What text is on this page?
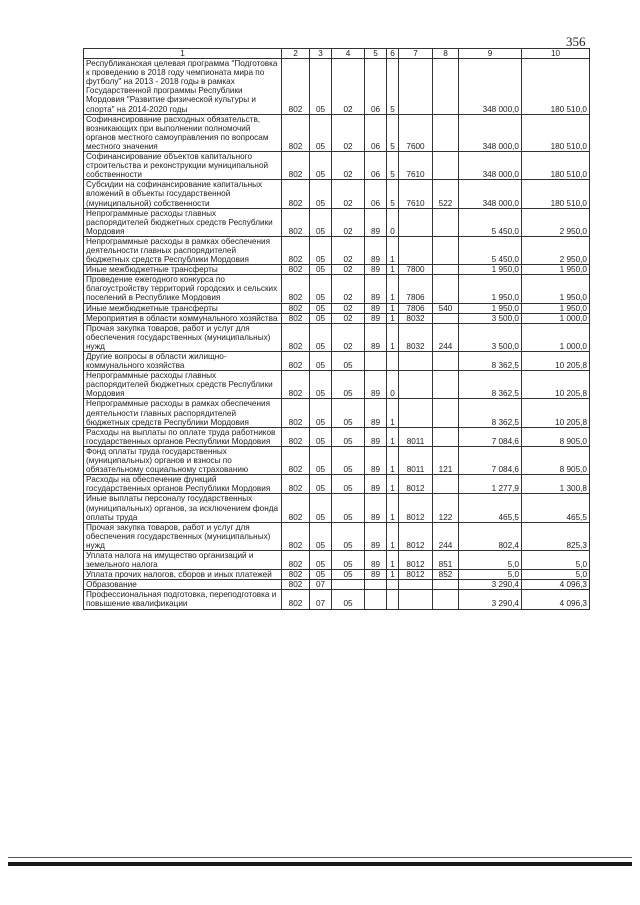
356
1	2	3	4	5	6	7	8	9	10
Республиканская целевая программа "Подготовка к проведению в 2018 году чемпионата мира по футболу" на 2013 - 2018 годы в рамках Государственной программы Республики Мордовия "Развитие физической культуры и спорта" на 2014-2020 годы	802	05	02	06	5			348 000,0	180 510,0
Софинансирование расходных обязательств, возникающих при выполнении полномочий органов местного самоуправления по вопросам местного значения	802	05	02	06	5	7600		348 000,0	180 510,0
Софинансирование объектов капитального строительства и реконструкции муниципальной собственности	802	05	02	06	5	7610		348 000,0	180 510,0
Субсидии на софинансирование капитальных вложений в объекты государственной (муниципальной) собственности	802	05	02	06	5	7610	522	348 000,0	180 510,0
Непрограммные расходы главных распорядителей бюджетных средств Республики Мордовия	802	05	02	89	0			5 450,0	2 950,0
Непрограммные расходы в рамках обеспечения деятельности главных распорядителей бюджетных средств Республики Мордовия	802	05	02	89	1			5 450,0	2 950,0
Иные межбюджетные трансферты	802	05	02	89	1	7800		1 950,0	1 950,0
Проведение ежегодного конкурса по благоустройству территорий городских и сельских поселений в Республике Мордовия	802	05	02	89	1	7806		1 950,0	1 950,0
Иные межбюджетные трансферты	802	05	02	89	1	7806	540	1 950,0	1 950,0
Мероприятия в области коммунального хозяйства	802	05	02	89	1	8032		3 500,0	1 000,0
Прочая закупка товаров, работ и услуг для обеспечения государственных (муниципальных) нужд	802	05	02	89	1	8032	244	3 500,0	1 000,0
Другие вопросы в области жилищно-коммунального хозяйства	802	05	05					8 362,5	10 205,8
Непрограммные расходы главных распорядителей бюджетных средств Республики Мордовия	802	05	05	89	0			8 362,5	10 205,8
Непрограммные расходы в рамках обеспечения деятельности главных распорядителей бюджетных средств Республики Мордовия	802	05	05	89	1			8 362,5	10 205,8
Расходы на выплаты по оплате труда работников государственных органов Республики Мордовия	802	05	05	89	1	8011		7 084,6	8 905,0
Фонд оплаты труда государственных (муниципальных) органов и взносы по обязательному социальному страхованию	802	05	05	89	1	8011	121	7 084,6	8 905,0
Расходы на обеспечение функций государственных органов Республики Мордовия	802	05	05	89	1	8012		1 277,9	1 300,8
Иные выплаты персоналу государственных (муниципальных) органов, за исключением фонда оплаты труда	802	05	05	89	1	8012	122	465,5	465,5
Прочая закупка товаров, работ и услуг для обеспечения государственных (муниципальных) нужд	802	05	05	89	1	8012	244	802,4	825,3
Уплата налога на имущество организаций и земельного налога	802	05	05	89	1	8012	851	5,0	5,0
Уплата прочих налогов, сборов и иных платежей	802	05	05	89	1	8012	852	5,0	5,0
Образование	802	07						3 290,4	4 096,3
Профессиональная подготовка, переподготовка и повышение квалификации	802	07	05					3 290,4	4 096,3
